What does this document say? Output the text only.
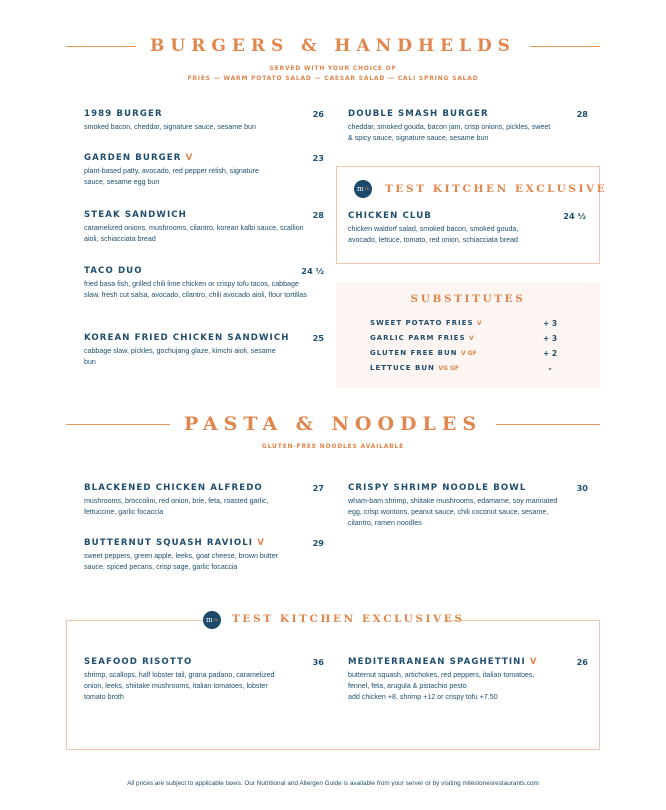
BURGERS & HANDHELDS
SERVED WITH YOUR CHOICE OF
FRIES — WARM POTATO SALAD — CAESAR SALAD — CALI SPRING SALAD
1989 BURGER	26
smoked bacon, cheddar, signature sauce, sesame bun
GARDEN BURGER V	23
plant-based patty, avocado, red pepper relish, signature sauce, sesame egg bun
STEAK SANDWICH	28
caramelized onions, mushrooms, cilantro, korean kalbi sauce, scallion aioli, schiacciata bread
TACO DUO	24 ½
fried basa fish, grilled chili lime chicken or crispy tofu tacos, cabbage slaw, fresh cut salsa, avocado, cilantro, chili avocado aioli, flour tortillas
KOREAN FRIED CHICKEN SANDWICH	25
cabbage slaw, pickles, gochujang glaze, kimchi aioli, sesame bun
DOUBLE SMASH BURGER	28
cheddar, smoked gouda, bacon jam, crisp onions, pickles, sweet & spicy sauce, signature sauce, sesame bun
m TK TEST KITCHEN EXCLUSIVE
CHICKEN CLUB	24 ½
chicken waldorf salad, smoked bacon, smoked gouda, avocado, lettuce, tomato, red onion, schiacciata bread
SUBSTITUTES
SWEET POTATO FRIES V	+ 3
GARLIC PARM FRIES V	+ 3
GLUTEN FREE BUN V GF	+ 2
LETTUCE BUN VG GF	-
PASTA & NOODLES
GLUTEN-FREE NOODLES AVAILABLE
BLACKENED CHICKEN ALFREDO	27
mushrooms, broccolini, red onion, brie, feta, roasted garlic, fettuccine, garlic focaccia
BUTTERNUT SQUASH RAVIOLI V	29
sweet peppers, green apple, leeks, goat cheese, brown butter sauce, spiced pecans, crisp sage, garlic focaccia
CRISPY SHRIMP NOODLE BOWL	30
wham-bam shrimp, shiitake mushrooms, edamame, soy marinated egg, crisp wontons, peanut sauce, chili coconut sauce, sesame, cilantro, ramen noodles
m TK TEST KITCHEN EXCLUSIVES
SEAFOOD RISOTTO	36
shrimp, scallops, half lobster tail, grana padano, caramelized onion, leeks, shiitake mushrooms, italian tomatoes, lobster tomato broth
MEDITERRANEAN SPAGHETTINI V	26
butternut squash, artichokes, red peppers, italian tomatoes, fennel, feta, arugula & pistachio pesto
add chicken +8, shrimp +12 or crispy tofu +7.50
All prices are subject to applicable taxes. Our Nutritional and Allergen Guide is available from your server or by visiting milestonesrestaurants.com
